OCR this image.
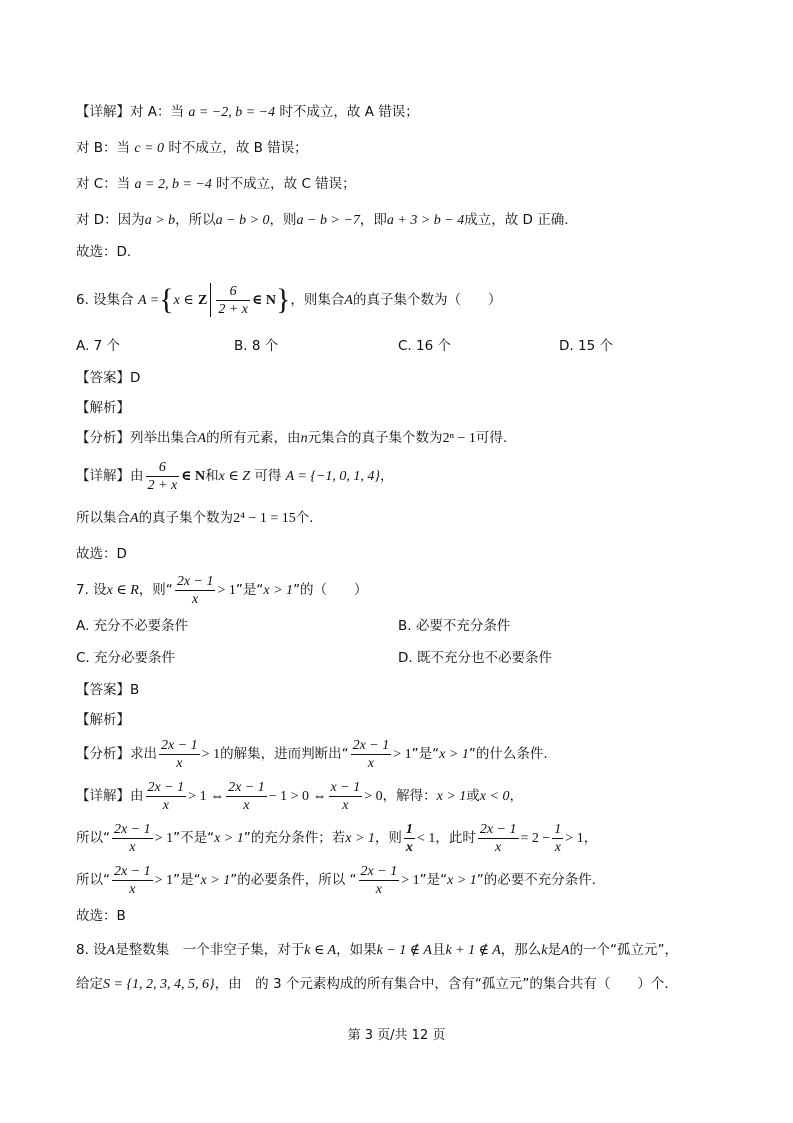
【详解】对 A：当 a = −2, b = −4 时不成立，故 A 错误；
对 B：当 c = 0 时不成立，故 B 错误；
对 C：当 a = 2, b = −4 时不成立，故 C 错误；
对 D：因为a > b，所以a − b > 0，则a − b > −7，即a + 3 > b − 4成立，故 D 正确.
故选：D.
6. 设集合 A ={x ∈ Z $\frac{6}{2 + x}$ ∈ N}，则集合A的真子集个数为（　　）
A. 7 个	B. 8 个	C. 16 个	D. 15 个
【答案】D
【解析】
【分析】列举出集合A的所有元素，由n元集合的真子集个数为2ⁿ − 1可得.
【详解】由 $\frac{6}{2 + x}$ ∈ N和x ∈ Z 可得 A = {−1, 0, 1, 4}，
所以集合A的真子集个数为2⁴ − 1 = 15个.
故选：D
7. 设x ∈ R，则“ $\frac{2x - 1}{x} > 1$”是“x > 1”的（　　）
A. 充分不必要条件	B. 必要不充分条件
C. 充分必要条件	D. 既不充分也不必要条件
【答案】B
【解析】
【分析】求出 $\frac{2x - 1}{x} > 1$的解集，进而判断出“ $\frac{2x - 1}{x} > 1$”是“x > 1”的什么条件.
【详解】由 $\frac{2x - 1}{x} > 1$ ⇔ $\frac{2x - 1}{x} - 1 > 0$ ⇔ $\frac{x - 1}{x} > 0$，解得：x > 1或x < 0，
所以“ $\frac{2x - 1}{x} > 1$”不是“x > 1”的充分条件；若x > 1，则 $\frac{1}{x} < 1$，此时 $\frac{2x - 1}{x} = 2 - \frac{1}{x} > 1$，
所以“ $\frac{2x - 1}{x} > 1$”是“x > 1”的必要条件，所以 “ $\frac{2x - 1}{x} > 1$”是“x > 1”的必要不充分条件.
故选：B
8. 设A是整数集　一个非空子集，对于k ∈ A，如果k − 1 ∉ A且k + 1 ∉ A，那么k是A的一个“孤立元”，
给定S = {1, 2, 3, 4, 5, 6}，由　的 3 个元素构成的所有集合中，含有“孤立元”的集合共有（　　）个.
第 3 页/共 12 页
